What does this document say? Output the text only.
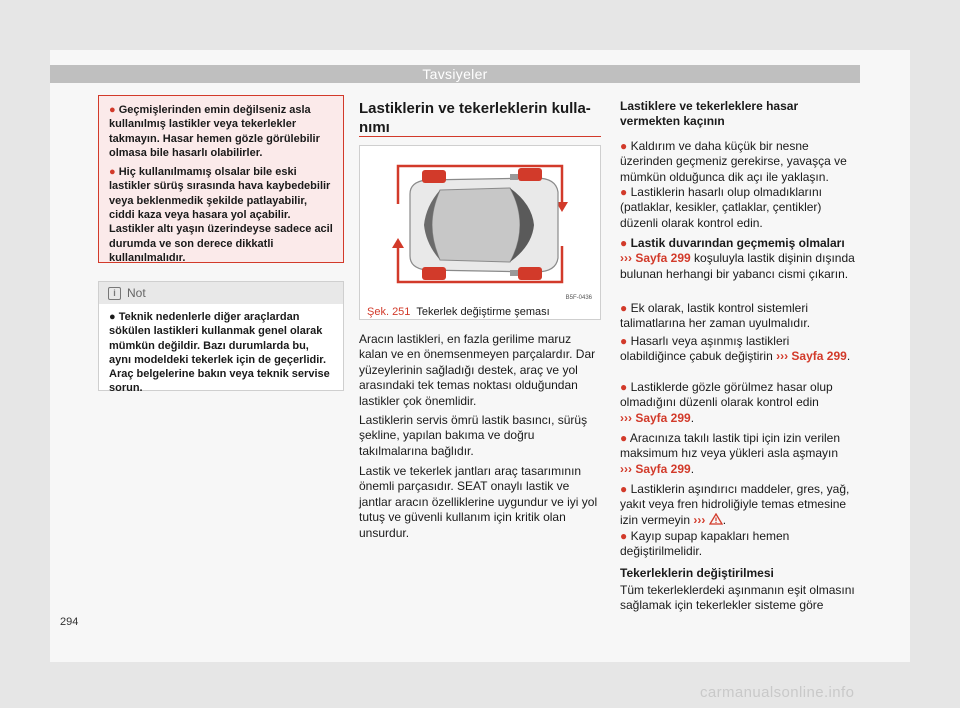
Tavsiyeler

● Geçmişlerinden emin değilseniz asla kullanılmış lastikler veya tekerlekler takmayın. Hasar hemen gözle görülebilir olmasa bile hasarlı olabilirler.

● Hiç kullanılmamış olsalar bile eski lastikler sürüş sırasında hava kaybedebilir veya beklenmedik şekilde patlayabilir, ciddi kaza veya hasara yol açabilir. Lastikler altı yaşın üzerindeyse sadece acil durumda ve son derece dikkatli kullanılmalıdır.

i Not

● Teknik nedenlerle diğer araçlardan sökülen lastikleri kullanmak genel olarak mümkün değildir. Bazı durumlarda bu, aynı modeldeki tekerlek için de geçerlidir. Araç belgelerine bakın veya teknik servise sorun.

Lastiklerin ve tekerleklerin kulla-
nımı
B5F-0436
Şek. 251 Tekerlek değiştirme şeması

Aracın lastikleri, en fazla gerilime maruz kalan ve en önemsenmeyen parçalardır. Dar yüzeylerinin sağladığı destek, araç ve yol arasındaki tek temas noktası olduğundan lastikler çok önemlidir.

Lastiklerin servis ömrü lastik basıncı, sürüş şekline, yapılan bakıma ve doğru takılmalarına bağlıdır.

Lastik ve tekerlek jantları araç tasarımının önemli parçasıdır. SEAT onaylı lastik ve jantlar aracın özelliklerine uygundur ve iyi yol tutuş ve güvenli kullanım için kritik olan unsurdur.

Lastiklere ve tekerleklere hasar vermekten kaçının

● Kaldırım ve daha küçük bir nesne üzerinden geçmeniz gerekirse, yavaşça ve mümkün olduğunca dik açı ile yaklaşın.

● Lastiklerin hasarlı olup olmadıklarını (patlaklar, kesikler, çatlaklar, çentikler) düzenli olarak kontrol edin.

● Lastik duvarından geçmemiş olmaları
››› Sayfa 299 koşuluyla lastik dişinin dışında bulunan herhangi bir yabancı cismi çıkarın.

● Ek olarak, lastik kontrol sistemleri talimatlarına her zaman uyulmalıdır.

● Hasarlı veya aşınmış lastikleri olabildiğince çabuk değiştirin ››› Sayfa 299.

● Lastiklerde gözle görülmez hasar olup olmadığını düzenli olarak kontrol edin
››› Sayfa 299.

● Aracınıza takılı lastik tipi için izin verilen maksimum hız veya yükleri asla aşmayın
››› Sayfa 299.

● Lastiklerin aşındırıcı maddeler, gres, yağ, yakıt veya fren hidroliğiyle temas etmesine izin vermeyin ››› .

● Kayıp supap kapakları hemen değiştirilmelidir.

Tekerleklerin değiştirilmesi

Tüm tekerleklerdeki aşınmanın eşit olmasını sağlamak için tekerlekler sisteme göre

294
carmanualsonline.info
